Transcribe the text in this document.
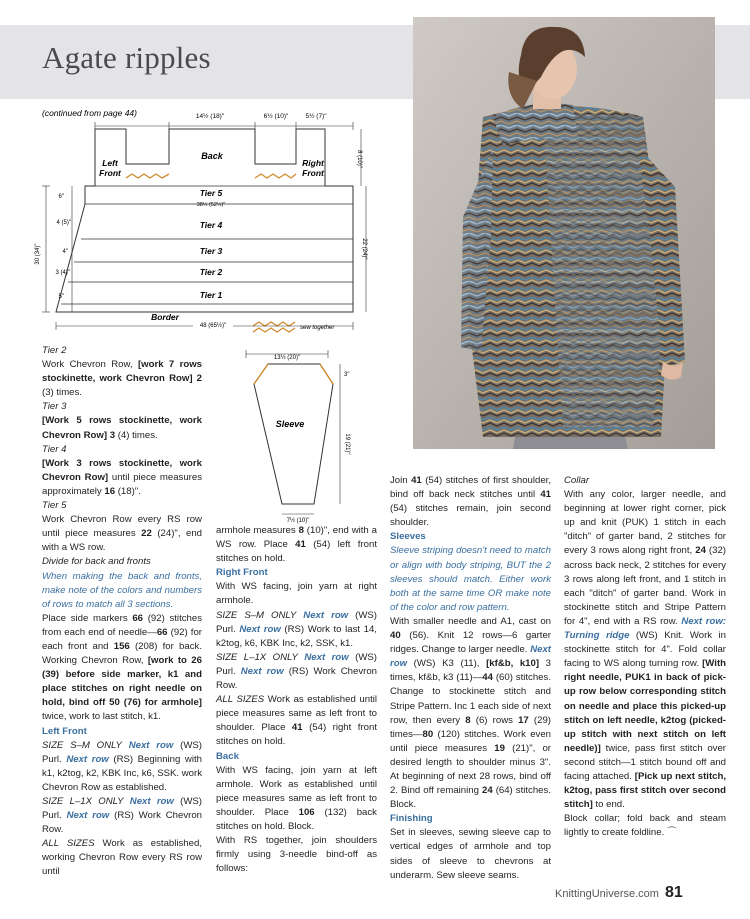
Agate ripples
(continued from page 44)	14½ (18)"	6½ (10)"	5½ (7)"
Left Front
Back
Right Front
Tier 5
38½ (52½)"
Tier 4
Tier 3
Tier 2
Tier 1
Border
48 (65½)"	sew together
30 (34)"
6"
4 (5)"
4"
3 (4)"
5"
8 (10)"
22 (24)"
13½ (20)"
Sleeve
3"
19 (21)"
7½ (10)"

Tier 2

Work Chevron Row, [work 7 rows stockinette, work Chevron Row] 2 (3) times.

Tier 3

[Work 5 rows stockinette, work Chevron Row] 3 (4) times.

Tier 4

[Work 3 rows stockinette, work Chevron Row] until piece measures approximately 16 (18)".

Tier 5

Work Chevron Row every RS row until piece measures 22 (24)", end with a WS row.

Divide for back and fronts

When making the back and fronts, make note of the colors and numbers of rows to match all 3 sections.

Place side markers 66 (92) stitches from each end of needle—66 (92) for each front and 156 (208) for back. Working Chevron Row, [work to 26 (39) before side marker, k1 and place stitches on right needle on hold, bind off 50 (76) for armhole] twice, work to last stitch, k1.

Left Front

SIZE S–M ONLY Next row (WS) Purl. Next row (RS) Beginning with k1, k2tog, k2, KBK Inc, k6, SSK. work Chevron Row as established.

SIZE L–1X ONLY Next row (WS) Purl. Next row (RS) Work Chevron Row.

ALL SIZES Work as established, working Chevron Row every RS row until

armhole measures 8 (10)", end with a WS row. Place 41 (54) left front stitches on hold.

Right Front

With WS facing, join yarn at right armhole.

SIZE S–M ONLY Next row (WS) Purl. Next row (RS) Work to last 14, k2tog, k6, KBK Inc, k2, SSK, k1.

SIZE L–1X ONLY Next row (WS) Purl. Next row (RS) Work Chevron Row.

ALL SIZES Work as established until piece measures same as left front to shoulder. Place 41 (54) right front stitches on hold.

Back

With WS facing, join yarn at left armhole. Work as established until piece measures same as left front to shoulder. Place 106 (132) back stitches on hold. Block.

With RS together, join shoulders firmly using 3-needle bind-off as follows:

Join 41 (54) stitches of first shoulder, bind off back neck stitches until 41 (54) stitches remain, join second shoulder.

Sleeves

Sleeve striping doesn't need to match or align with body striping, BUT the 2 sleeves should match. Either work both at the same time OR make note of the color and row pattern.

With smaller needle and A1, cast on 40 (56). Knit 12 rows—6 garter ridges. Change to larger needle. Next row (WS) K3 (11), [kf&b, k10] 3 times, kf&b, k3 (11)—44 (60) stitches. Change to stockinette stitch and Stripe Pattern. Inc 1 each side of next row, then every 8 (6) rows 17 (29) times—80 (120) stitches. Work even until piece measures 19 (21)", or desired length to shoulder minus 3". At beginning of next 28 rows, bind off 2. Bind off remaining 24 (64) stitches. Block.

Finishing

Set in sleeves, sewing sleeve cap to vertical edges of armhole and top sides of sleeve to chevrons at underarm. Sew sleeve seams.

Collar

With any color, larger needle, and beginning at lower right corner, pick up and knit (PUK) 1 stitch in each "ditch" of garter band, 2 stitches for every 3 rows along right front, 24 (32) across back neck, 2 stitches for every 3 rows along left front, and 1 stitch in each "ditch" of garter band. Work in stockinette stitch and Stripe Pattern for 4", end with a RS row. Next row: Turning ridge (WS) Knit. Work in stockinette stitch for 4". Fold collar facing to WS along turning row. [With right needle, PUK1 in back of pick-up row below corresponding stitch on needle and place this picked-up stitch on left needle, k2tog (picked-up stitch with next stitch on left needle)] twice, pass first stitch over second stitch—1 stitch bound off and facing attached. [Pick up next stitch, k2tog, pass first stitch over second stitch] to end.

Block collar; fold back and steam lightly to create foldline. ⌒

KnittingUniverse.com 81
